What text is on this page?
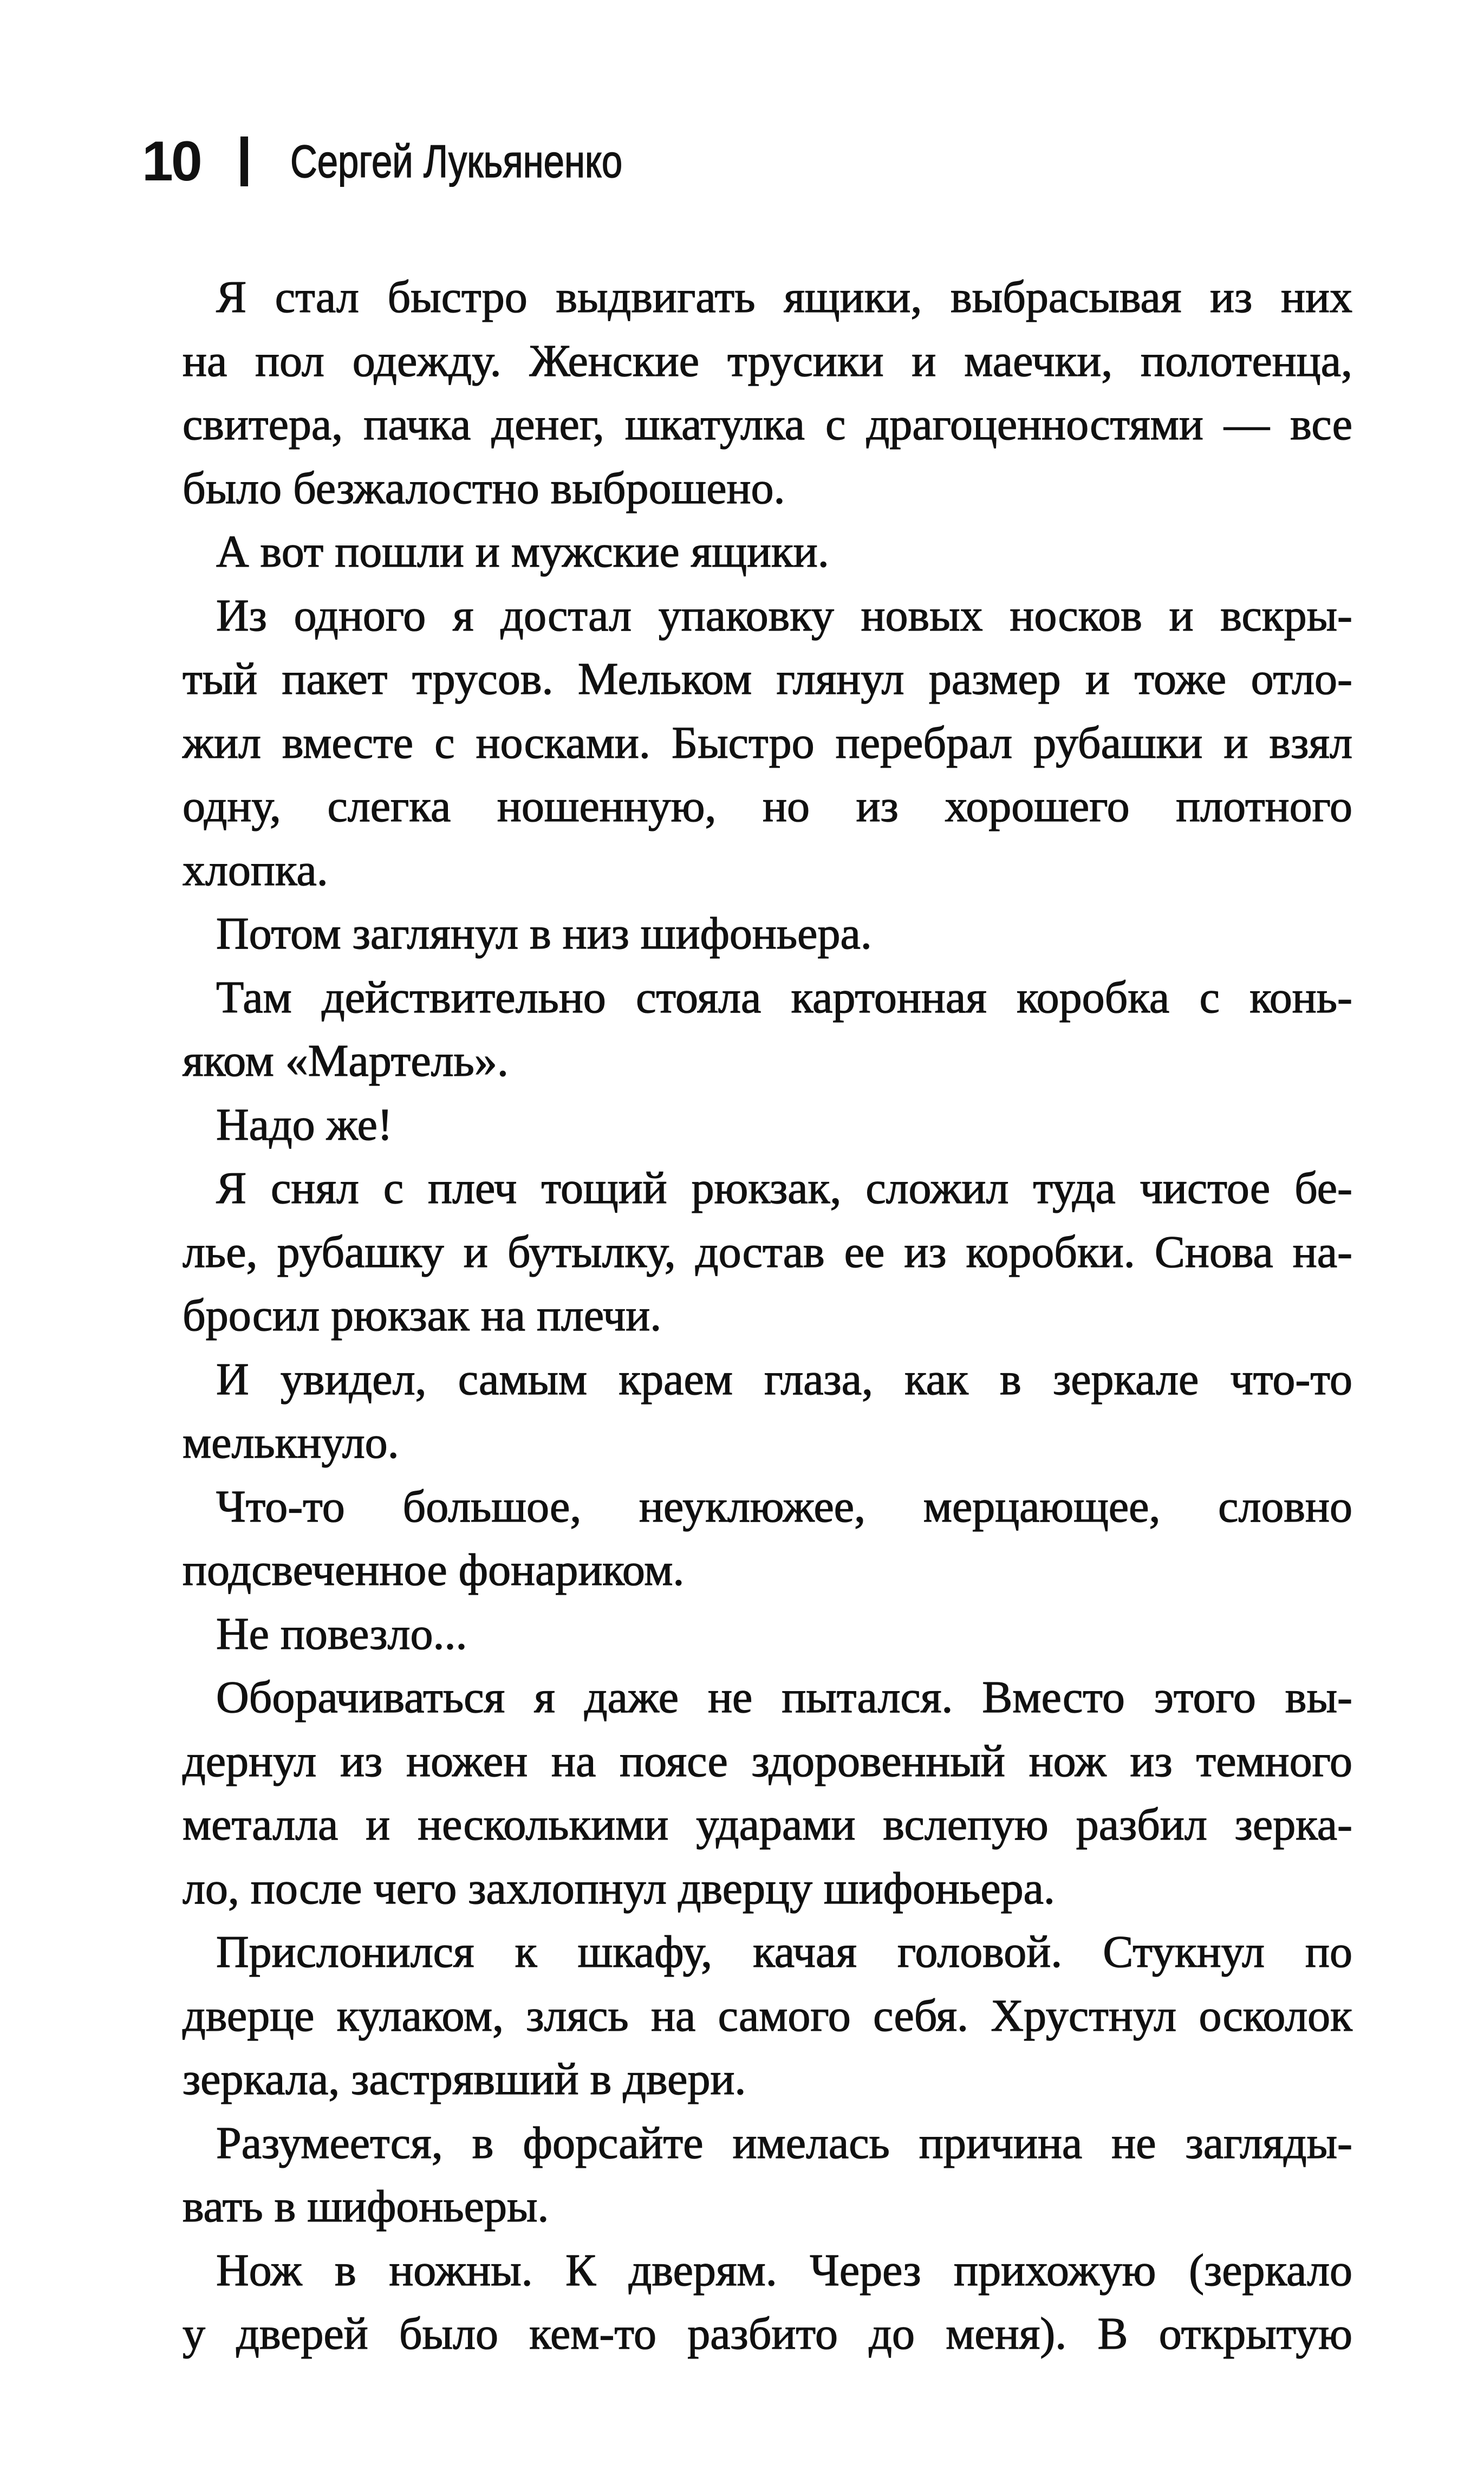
10 Сергей Лукьяненко
Я стал быстро выдвигать ящики, выбрасывая из них
на пол одежду. Женские трусики и маечки, полотенца,
свитера, пачка денег, шкатулка с драгоценностями — все
было безжалостно выброшено.
А вот пошли и мужские ящики.
Из одного я достал упаковку новых носков и вскры-
тый пакет трусов. Мельком глянул размер и тоже отло-
жил вместе с носками. Быстро перебрал рубашки и взял
одну, слегка ношенную, но из хорошего плотного
хлопка.
Потом заглянул в низ шифоньера.
Там действительно стояла картонная коробка с конь-
яком «Мартель».
Надо же!
Я снял с плеч тощий рюкзак, сложил туда чистое бе-
лье, рубашку и бутылку, достав ее из коробки. Снова на-
бросил рюкзак на плечи.
И увидел, самым краем глаза, как в зеркале что-то
мелькнуло.
Что-то большое, неуклюжее, мерцающее, словно
подсвеченное фонариком.
Не повезло...
Оборачиваться я даже не пытался. Вместо этого вы-
дернул из ножен на поясе здоровенный нож из темного
металла и несколькими ударами вслепую разбил зерка-
ло, после чего захлопнул дверцу шифоньера.
Прислонился к шкафу, качая головой. Стукнул по
дверце кулаком, злясь на самого себя. Хрустнул осколок
зеркала, застрявший в двери.
Разумеется, в форсайте имелась причина не загляды-
вать в шифоньеры.
Нож в ножны. К дверям. Через прихожую (зеркало
у дверей было кем-то разбито до меня). В открытую
